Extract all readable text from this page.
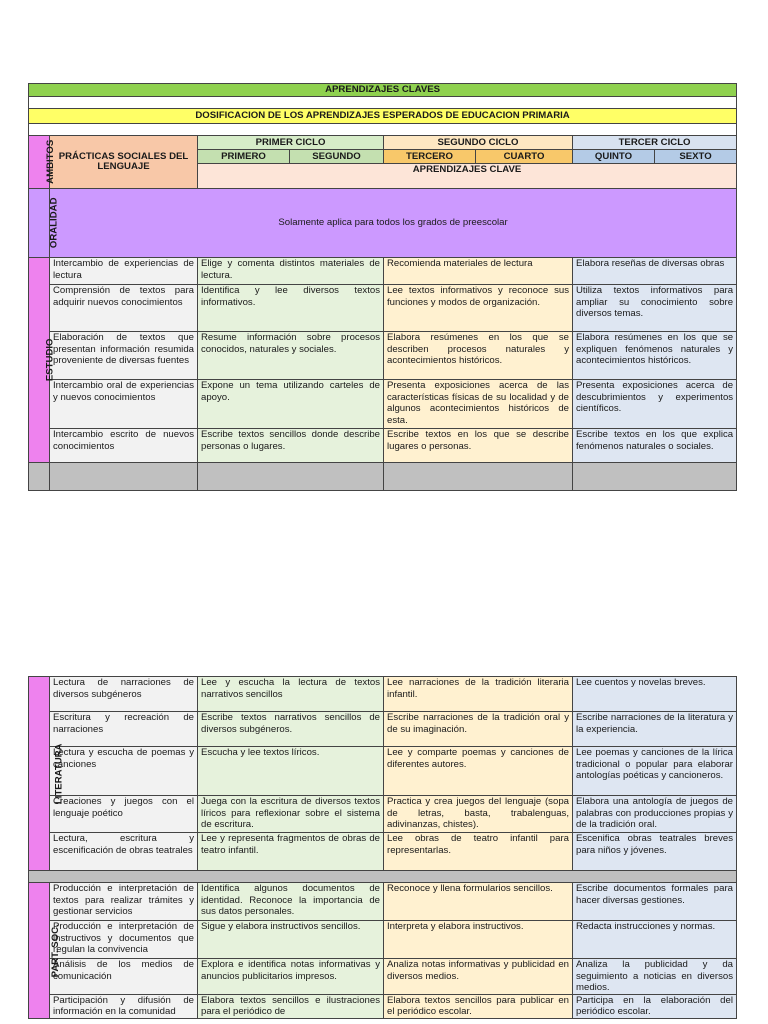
APRENDIZAJES CLAVES							

DOSIFICACION DE LOS APRENDIZAJES ESPERADOS DE EDUCACION PRIMARIA							

AMBITOS	PRÁCTICAS SOCIALES DEL LENGUAJE	PRIMER CICLO		SEGUNDO CICLO		TERCER CICLO	
		PRIMERO	SEGUNDO	TERCERO	CUARTO	QUINTO	SEXTO
		APRENDIZAJES CLAVE					
ORALIDAD	Solamente aplica para todos los grados de preescolar						
ESTUDIO	Intercambio de experiencias de lectura	Elige y comenta distintos materiales de lectura.		Recomienda materiales de lectura		Elabora reseñas de diversas obras	
	Comprensión de textos para adquirir nuevos conocimientos	Identifica y lee diversos textos informativos.		Lee textos informativos y reconoce sus funciones y modos de organización.		Utiliza textos informativos para ampliar su conocimiento sobre diversos temas.	
	Elaboración de textos que presentan información resumida proveniente de diversas fuentes	Resume información sobre procesos conocidos, naturales y sociales.		Elabora resúmenes en los que se describen procesos naturales y acontecimientos históricos.		Elabora resúmenes en los que se expliquen fenómenos naturales y acontecimientos históricos.	
	Intercambio oral de experiencias y nuevos conocimientos	Expone un tema utilizando carteles de apoyo.		Presenta exposiciones acerca de las características físicas de su localidad y de algunos acontecimientos históricos de esta.		Presenta exposiciones acerca de descubrimientos y experimentos científicos.	
	Intercambio escrito de nuevos conocimientos	Escribe textos sencillos donde describe personas o lugares.		Escribe textos en los que se describe lugares o personas.		Escribe textos en los que explica fenómenos naturales o sociales.	

LITERATURA	Lectura de narraciones de diversos subgéneros	Lee y escucha la lectura de textos narrativos sencillos	Lee narraciones de la tradición literaria infantil.	Lee cuentos y novelas breves.
	Escritura y recreación de narraciones	Escribe textos narrativos sencillos de diversos subgéneros.	Escribe narraciones de la tradición oral y de su imaginación.	Escribe narraciones de la literatura y la experiencia.
	Lectura y escucha de poemas y canciones	Escucha y lee textos líricos.	Lee y comparte poemas y canciones de diferentes autores.	Lee poemas y canciones de la lírica tradicional o popular para elaborar antologías poéticas y cancioneros.
	Creaciones y juegos con el lenguaje poético	Juega con la escritura de diversos textos líricos para reflexionar sobre el sistema de escritura.	Practica y crea juegos del lenguaje (sopa de letras, basta, trabalenguas, adivinanzas, chistes).	Elabora una antología de juegos de palabras con producciones propias y de la tradición oral.
	Lectura, escritura y escenificación de obras teatrales	Lee y representa fragmentos de obras de teatro infantil.	Lee obras de teatro infantil para representarlas.	Escenifica obras teatrales breves para niños y jóvenes.

PART. SOC.	Producción e interpretación de textos para realizar trámites y gestionar servicios	Identifica algunos documentos de identidad. Reconoce la importancia de sus datos personales.	Reconoce y llena formularios sencillos.	Escribe documentos formales para hacer diversas gestiones.
	Producción e interpretación de instructivos y documentos que regulan la convivencia	Sigue y elabora instructivos sencillos.	Interpreta y elabora instructivos.	Redacta instrucciones y normas.
	Análisis de los medios de comunicación	Explora e identifica notas informativas y anuncios publicitarios impresos.	Analiza notas informativas y publicidad en diversos medios.	Analiza la publicidad y da seguimiento a noticias en diversos medios.
	Participación y difusión de información en la comunidad	Elabora textos sencillos e ilustraciones para el periódico de	Elabora textos sencillos para publicar en el periódico escolar.	Participa en la elaboración del periódico escolar.
